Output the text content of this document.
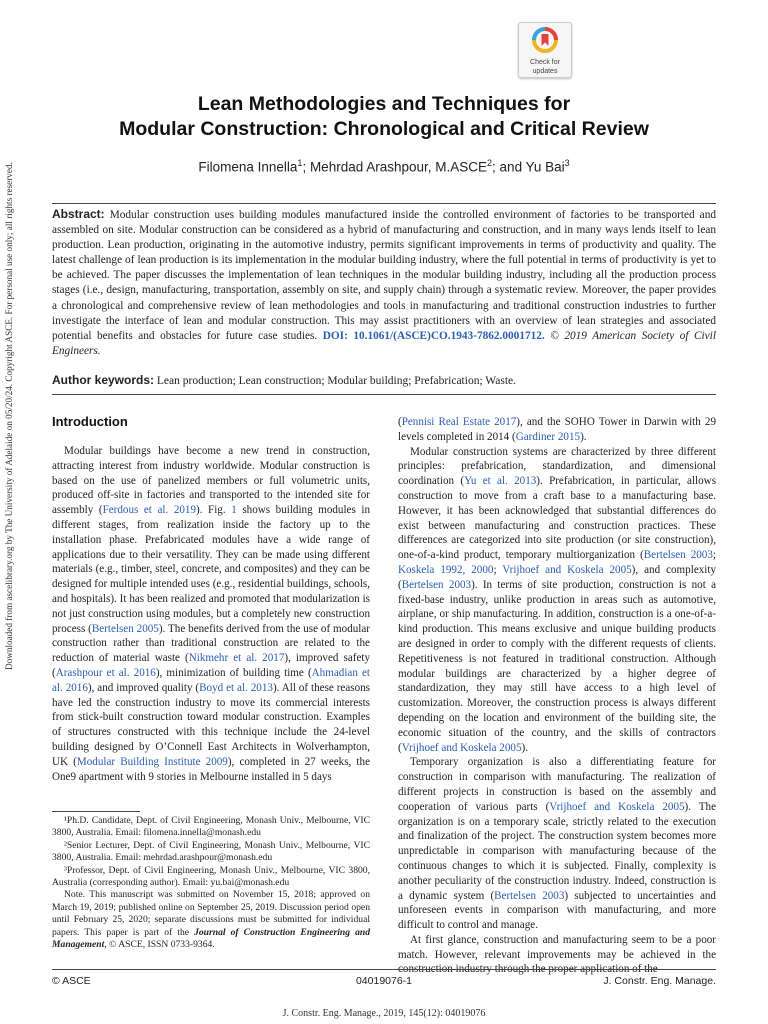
Check for
updates
Lean Methodologies and Techniques for
Modular Construction: Chronological and Critical Review
Filomena Innella$^1$; Mehrdad Arashpour, M.ASCE$^2$; and Yu Bai$^3$

Abstract: Modular construction uses building modules manufactured inside the controlled environment of factories to be transported and assembled on site. Modular construction can be considered as a hybrid of manufacturing and construction, and in many ways lends itself to lean production. Lean production, originating in the automotive industry, permits significant improvements in terms of productivity and quality. The latest challenge of lean production is its implementation in the modular building industry, where the full potential in terms of productivity is yet to be achieved. The paper discusses the implementation of lean techniques in the modular building industry, including all the production process stages (i.e., design, manufacturing, transportation, assembly on site, and supply chain) through a systematic review. Moreover, the paper provides a chronological and comprehensive review of lean methodologies and tools in manufacturing and traditional construction industries to further investigate the interface of lean and modular construction. This may assist practitioners with an overview of lean strategies and associated potential benefits and obstacles for future case studies. DOI: 10.1061/(ASCE)CO.1943-7862.0001712. © 2019 American Society of Civil Engineers.

Author keywords: Lean production; Lean construction; Modular building; Prefabrication; Waste.
Introduction

Modular buildings have become a new trend in construction, attracting interest from industry worldwide. Modular construction is based on the use of panelized members or full volumetric units, produced off-site in factories and transported to the intended site for assembly (Ferdous et al. 2019). Fig. 1 shows building modules in different stages, from realization inside the factory up to the installation phase. Prefabricated modules have a wide range of applications due to their versatility. They can be made using different materials (e.g., timber, steel, concrete, and composites) and they can be designed for multiple intended uses (e.g., residential buildings, schools, and hospitals). It has been realized and promoted that modularization is not just construction using modules, but a completely new construction process (Bertelsen 2005). The benefits derived from the use of modular construction rather than traditional construction are related to the reduction of material waste (Nikmehr et al. 2017), improved safety (Arashpour et al. 2016), minimization of building time (Ahmadian et al. 2016), and improved quality (Boyd et al. 2013). All of these reasons have led the construction industry to move its commercial interests from stick-built construction toward modular construction. Examples of structures constructed with this technique include the 24-level building designed by O’Connell East Architects in Wolverhampton, UK (Modular Building Institute 2009), completed in 27 weeks, the One9 apartment with 9 stories in Melbourne installed in 5 days

¹Ph.D. Candidate, Dept. of Civil Engineering, Monash Univ., Melbourne, VIC 3800, Australia. Email: filomena.innella@monash.edu

²Senior Lecturer, Dept. of Civil Engineering, Monash Univ., Melbourne, VIC 3800, Australia. Email: mehrdad.arashpour@monash.edu

³Professor, Dept. of Civil Engineering, Monash Univ., Melbourne, VIC 3800, Australia (corresponding author). Email: yu.bai@monash.edu

Note. This manuscript was submitted on November 15, 2018; approved on March 19, 2019; published online on September 25, 2019. Discussion period open until February 25, 2020; separate discussions must be submitted for individual papers. This paper is part of the Journal of Construction Engineering and Management, © ASCE, ISSN 0733-9364.

(Pennisi Real Estate 2017), and the SOHO Tower in Darwin with 29 levels completed in 2014 (Gardiner 2015).

Modular construction systems are characterized by three different principles: prefabrication, standardization, and dimensional coordination (Yu et al. 2013). Prefabrication, in particular, allows construction to move from a craft base to a manufacturing base. However, it has been acknowledged that substantial differences do exist between manufacturing and construction practices. These differences are categorized into site production (or site construction), one-of-a-kind product, temporary multiorganization (Bertelsen 2003; Koskela 1992, 2000; Vrijhoef and Koskela 2005), and complexity (Bertelsen 2003). In terms of site production, construction is not a fixed-base industry, unlike production in areas such as automotive, airplane, or ship manufacturing. In addition, construction is a one-of-a-kind production. This means exclusive and unique building products are designed in order to comply with the different requests of clients. Repetitiveness is not featured in traditional construction. Although modular buildings are characterized by a higher degree of standardization, they may still have access to a high level of customization. Moreover, the construction process is always different depending on the location and environment of the building site, the economic situation of the country, and the skills of contractors (Vrijhoef and Koskela 2005).

Temporary organization is also a differentiating feature for construction in comparison with manufacturing. The realization of different projects in construction is based on the assembly and cooperation of various parts (Vrijhoef and Koskela 2005). The organization is on a temporary scale, strictly related to the execution and finalization of the project. The construction system becomes more unpredictable in comparison with manufacturing because of the continuous changes to which it is subjected. Finally, complexity is another peculiarity of the construction industry. Indeed, construction is a dynamic system (Bertelsen 2003) subjected to uncertainties and unforeseen events in comparison with manufacturing, and more difficult to control and manage.

At first glance, construction and manufacturing seem to be a poor match. However, relevant improvements may be achieved in the construction industry through the proper application of the

Downloaded from ascelibrary.org by The University of Adelaide on 05/20/24. Copyright ASCE. For personal use only; all rights reserved.
© ASCE	04019076-1	J. Constr. Eng. Manage.
J. Constr. Eng. Manage., 2019, 145(12): 04019076
